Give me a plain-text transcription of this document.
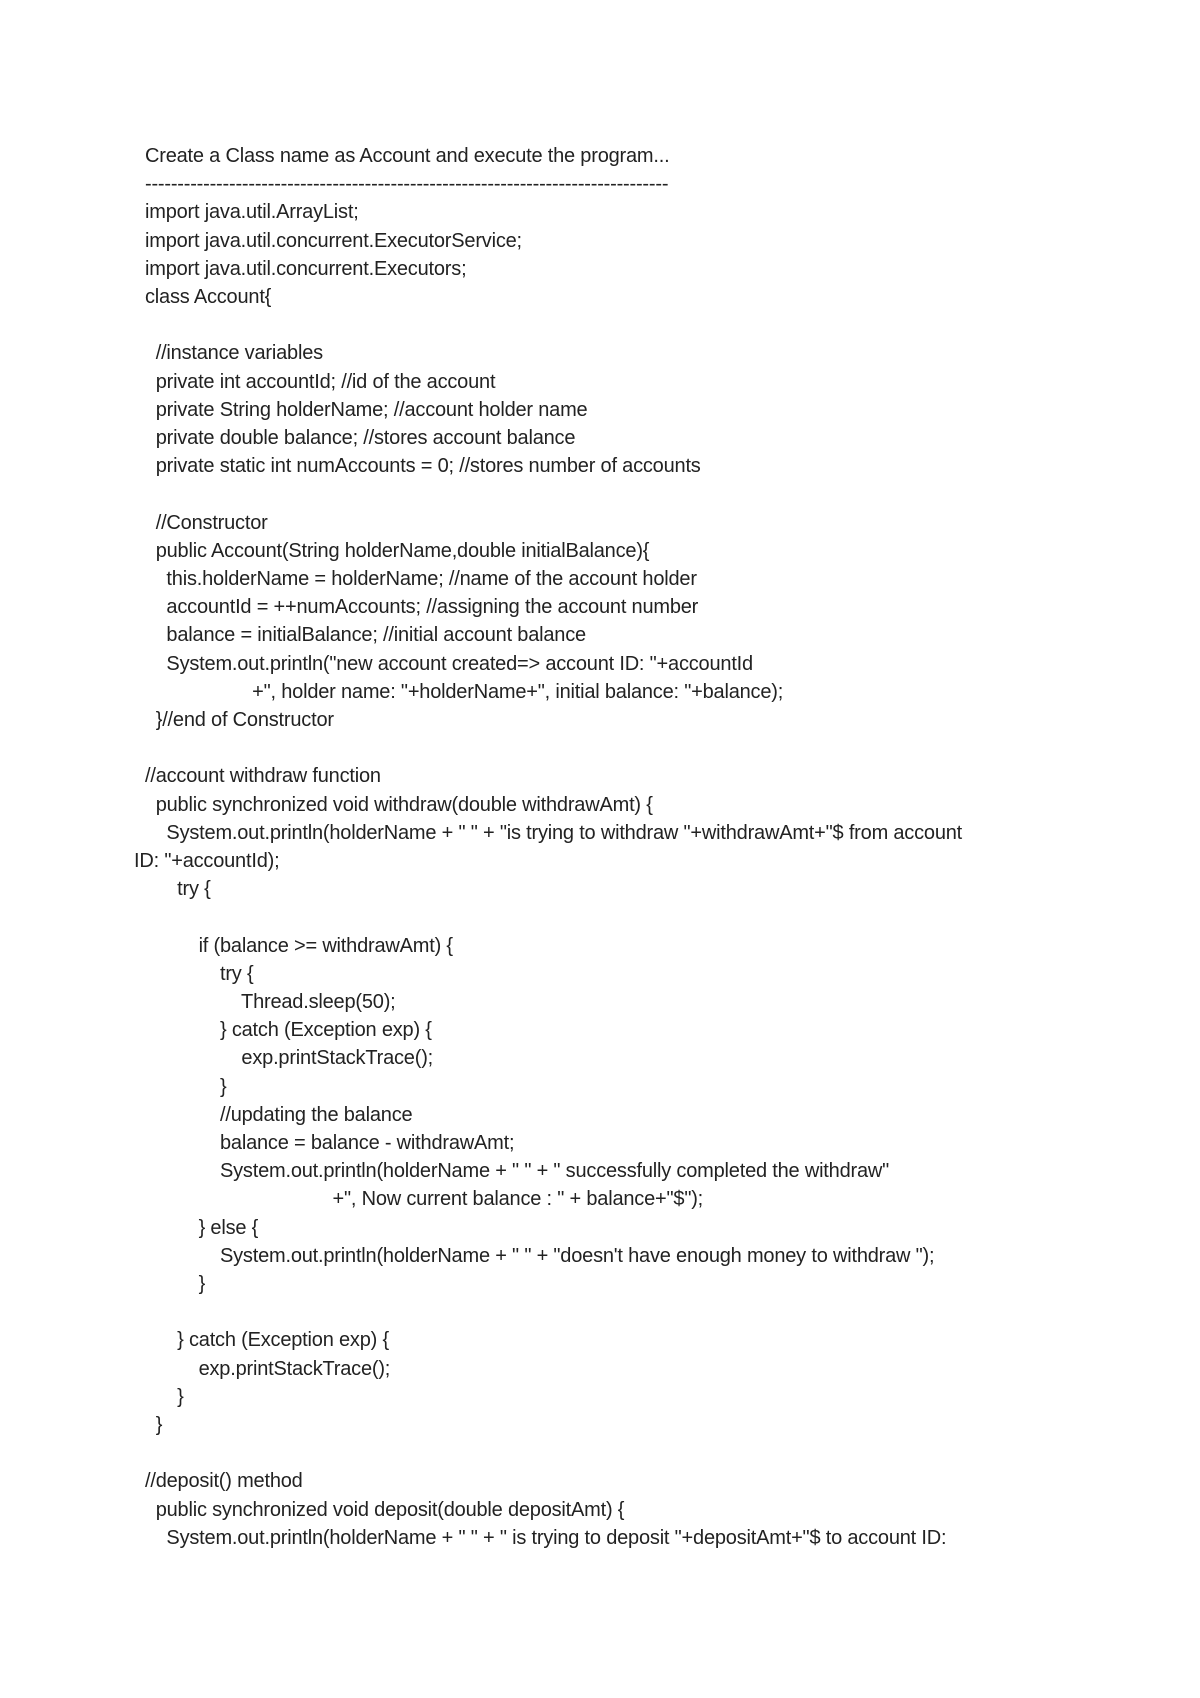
Create a Class name as Account and execute the program...
---------------------------------------------------------------------------------
import java.util.ArrayList;
import java.util.concurrent.ExecutorService;
import java.util.concurrent.Executors;
class Account{
//instance variables
private int accountId; //id of the account
private String holderName; //account holder name
private double balance; //stores account balance
private static int numAccounts = 0; //stores number of accounts
//Constructor
public Account(String holderName,double initialBalance){
this.holderName = holderName; //name of the account holder
accountId = ++numAccounts; //assigning the account number
balance = initialBalance; //initial account balance
System.out.println("new account created=> account ID: "+accountId
+", holder name: "+holderName+", initial balance: "+balance);
}//end of Constructor
//account withdraw function
public synchronized void withdraw(double withdrawAmt) {
System.out.println(holderName + " " + "is trying to withdraw "+withdrawAmt+"$ from account
ID: "+accountId);
try {
if (balance >= withdrawAmt) {
try {
Thread.sleep(50);
} catch (Exception exp) {
exp.printStackTrace();
}
//updating the balance
balance = balance - withdrawAmt;
System.out.println(holderName + " " + " successfully completed the withdraw"
+", Now current balance : " + balance+"$");
} else {
System.out.println(holderName + " " + "doesn't have enough money to withdraw ");
}
} catch (Exception exp) {
exp.printStackTrace();
}
}
//deposit() method
public synchronized void deposit(double depositAmt) {
System.out.println(holderName + " " + " is trying to deposit "+depositAmt+"$ to account ID:
